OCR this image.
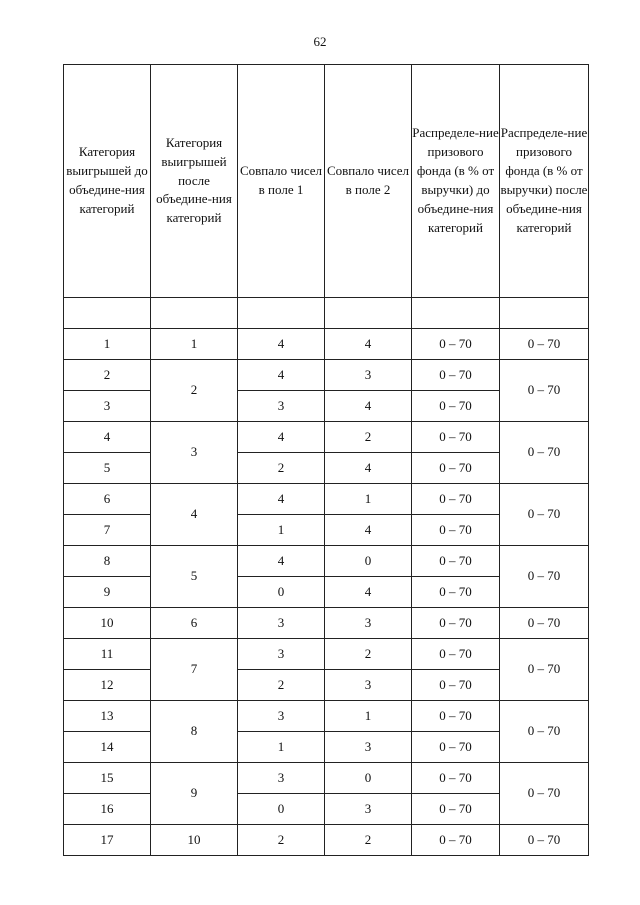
62
Категория выигрышей до объедине-ния категорий	Категория выигрышей после объедине-ния категорий	Совпало чисел в поле 1	Совпало чисел в поле 2	Распределе-ние призового фонда (в % от выручки) до объедине-ния категорий	Распределе-ние призового фонда (в % от выручки) после объедине-ния категорий

1	1	4	4	0 – 70	0 – 70
2	2	4	3	0 – 70	0 – 70
3		3	4	0 – 70	
4	3	4	2	0 – 70	0 – 70
5		2	4	0 – 70	
6	4	4	1	0 – 70	0 – 70
7		1	4	0 – 70	
8	5	4	0	0 – 70	0 – 70
9		0	4	0 – 70	
10	6	3	3	0 – 70	0 – 70
11	7	3	2	0 – 70	0 – 70
12		2	3	0 – 70	
13	8	3	1	0 – 70	0 – 70
14		1	3	0 – 70	
15	9	3	0	0 – 70	0 – 70
16		0	3	0 – 70	
17	10	2	2	0 – 70	0 – 70
